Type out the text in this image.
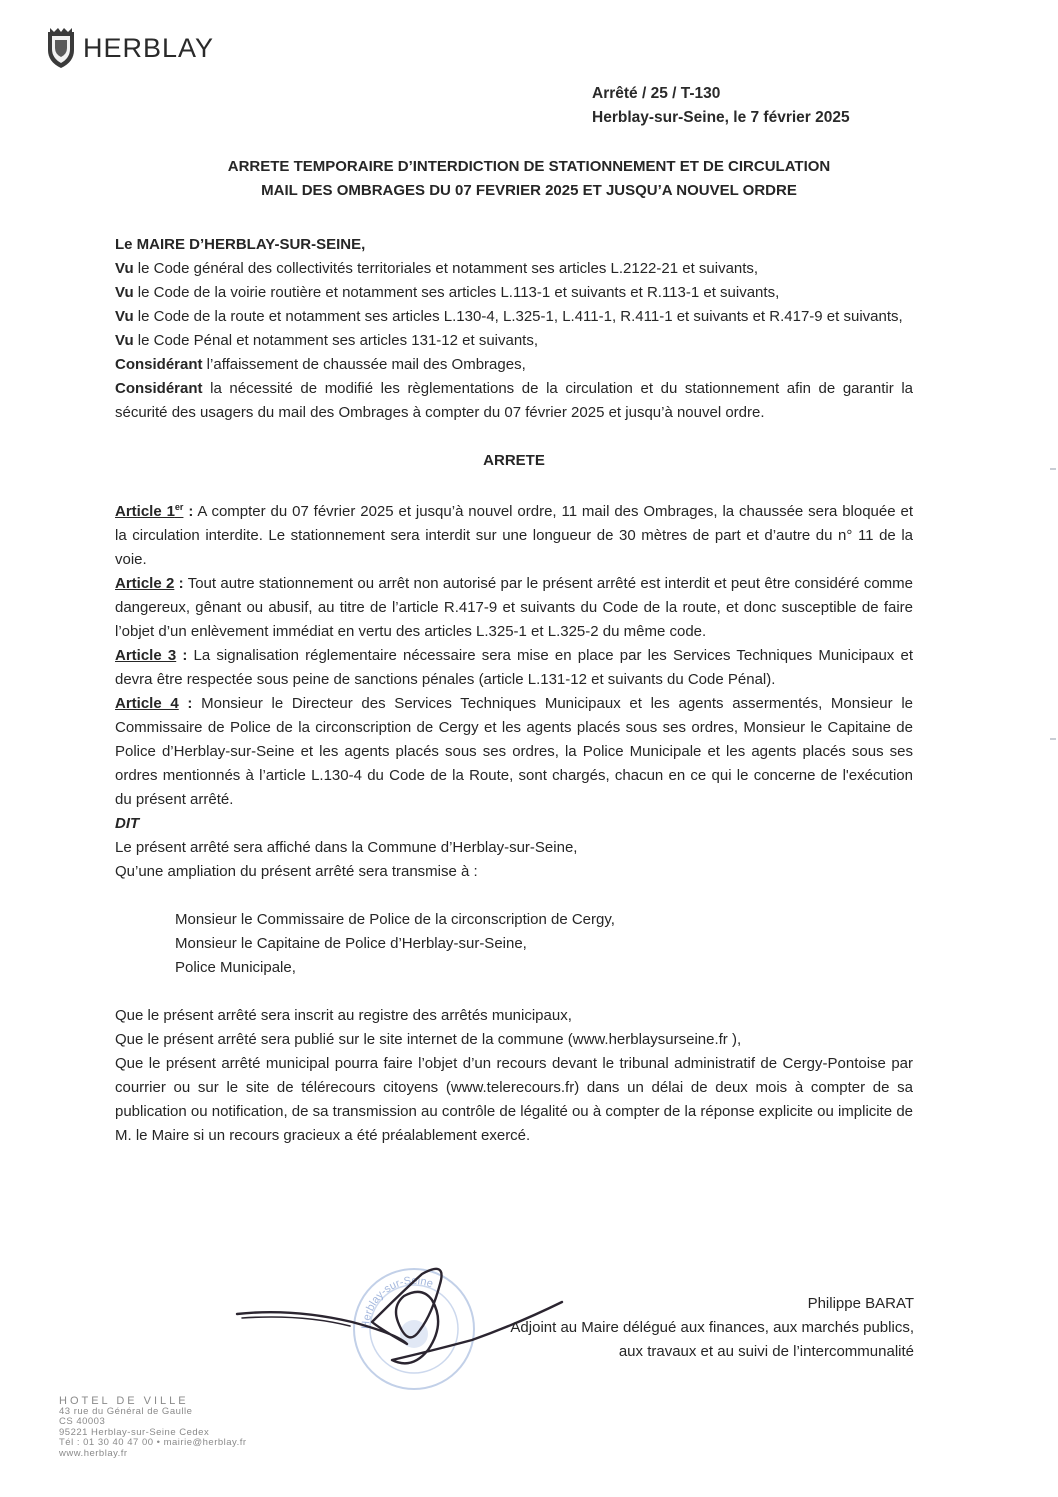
HERBLAY
Arrêté / 25 / T-130
Herblay-sur-Seine, le 7 février 2025
ARRETE TEMPORAIRE D’INTERDICTION DE STATIONNEMENT ET DE CIRCULATION
MAIL DES OMBRAGES DU 07 FEVRIER 2025 ET JUSQU’A NOUVEL ORDRE

Le MAIRE D’HERBLAY-SUR-SEINE,

Vu le Code général des collectivités territoriales et notamment ses articles L.2122-21 et suivants,

Vu le Code de la voirie routière et notamment ses articles L.113-1 et suivants et R.113-1 et suivants,

Vu le Code de la route et notamment ses articles L.130-4, L.325-1, L.411-1, R.411-1 et suivants et R.417-9 et suivants,

Vu le Code Pénal et notamment ses articles 131-12 et suivants,

Considérant l’affaissement de chaussée mail des Ombrages,

Considérant la nécessité de modifié les règlementations de la circulation et du stationnement afin de garantir la sécurité des usagers du mail des Ombrages à compter du 07 février 2025 et jusqu’à nouvel ordre.

ARRETE

Article 1er : A compter du 07 février 2025 et jusqu’à nouvel ordre, 11 mail des Ombrages, la chaussée sera bloquée et la circulation interdite. Le stationnement sera interdit sur une longueur de 30 mètres de part et d’autre du n° 11 de la voie.

Article 2 : Tout autre stationnement ou arrêt non autorisé par le présent arrêté est interdit et peut être considéré comme dangereux, gênant ou abusif, au titre de l’article R.417-9 et suivants du Code de la route, et donc susceptible de faire l’objet d’un enlèvement immédiat en vertu des articles L.325-1 et L.325-2 du même code.

Article 3 : La signalisation réglementaire nécessaire sera mise en place par les Services Techniques Municipaux et devra être respectée sous peine de sanctions pénales (article L.131-12 et suivants du Code Pénal).

Article 4 : Monsieur le Directeur des Services Techniques Municipaux et les agents assermentés, Monsieur le Commissaire de Police de la circonscription de Cergy et les agents placés sous ses ordres, Monsieur le Capitaine de Police d’Herblay-sur-Seine et les agents placés sous ses ordres, la Police Municipale et les agents placés sous ses ordres mentionnés à l’article L.130-4 du Code de la Route, sont chargés, chacun en ce qui le concerne de l'exécution du présent arrêté.

DIT

Le présent arrêté sera affiché dans la Commune d’Herblay-sur-Seine,

Qu’une ampliation du présent arrêté sera transmise à :

Monsieur le Commissaire de Police de la circonscription de Cergy,

Monsieur le Capitaine de Police d’Herblay-sur-Seine,

Police Municipale,

Que le présent arrêté sera inscrit au registre des arrêtés municipaux,

Que le présent arrêté sera publié sur le site internet de la commune (www.herblaysurseine.fr ),

Que le présent arrêté municipal pourra faire l’objet d’un recours devant le tribunal administratif de Cergy-Pontoise par courrier ou sur le site de télérecours citoyens (www.telerecours.fr) dans un délai de deux mois à compter de sa publication ou notification, de sa transmission au contrôle de légalité ou à compter de la réponse explicite ou implicite de M. le Maire si un recours gracieux a été préalablement exercé.

Herblay-sur-Seine
Philippe BARAT
Adjoint au Maire délégué aux finances, aux marchés publics,
aux travaux et au suivi de l’intercommunalité
HOTEL DE VILLE
43 rue du Général de Gaulle
CS 40003
95221 Herblay-sur-Seine Cedex
Tél : 01 30 40 47 00 • mairie@herblay.fr
www.herblay.fr
